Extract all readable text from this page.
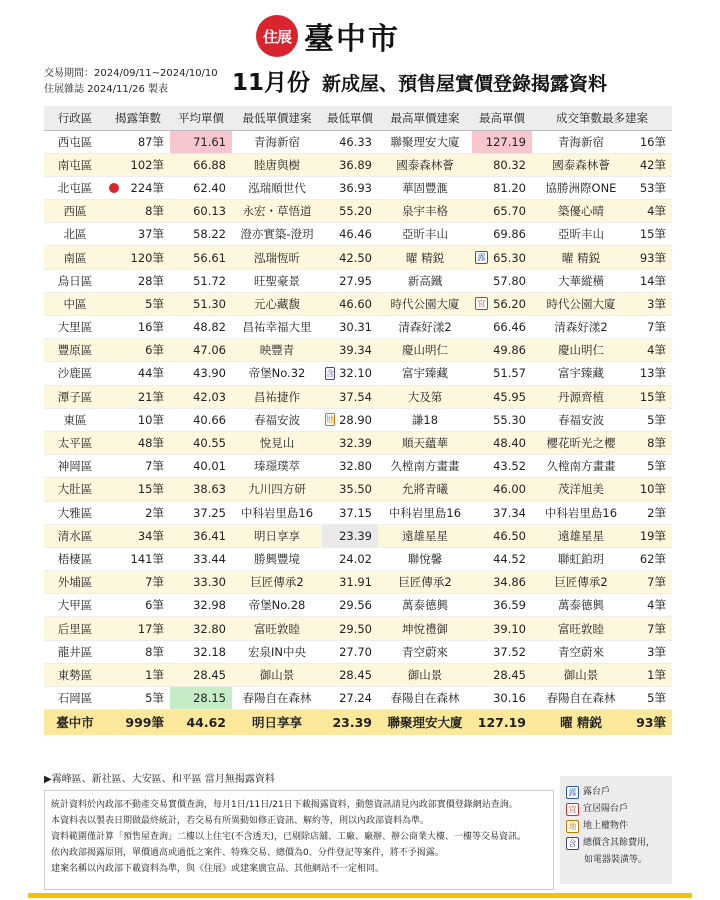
住展 臺中市
交易期間：2024/09/11~2024/10/10
住展雜誌 2024/11/26 製表	11月份 新成屋、預售屋實價登錄揭露資料
行政區	揭露筆數	平均單價	最低單價建案	最低單價	最高單價建案	最高單價	成交筆數最多建案	
西屯區	87筆	71.61	青海新宿	46.33	聯聚理安大廈	127.19	青海新宿	16筆
南屯區	102筆	66.88	睦唐與樹	36.89	國泰森林薈	80.32	國泰森林薈	42筆
北屯區	224筆	62.40	泓瑞順世代	36.93	華固豐滙	81.20	協勝洲際ONE	53筆
西區	8筆	60.13	永宏・草悟道	55.20	泉宇丰格	65.70	築優心晴	4筆
北區	37筆	58.22	澄亦實築-澄玥	46.46	亞昕丰山	69.86	亞昕丰山	15筆
南區	120筆	56.61	泓瑞恆昕	42.50	曜 精鋭	露 65.30	曜 精鋭	93筆
烏日區	28筆	51.72	旺聖豪景	27.95	新高鐵	57.80	大華縱橫	14筆
中區	5筆	51.30	元心藏馥	46.60	時代公園大廈	宜 56.20	時代公園大廈	3筆
大里區	16筆	48.82	昌祐幸福大里	30.31	清森好漾2	66.46	清森好漾2	7筆
豐原區	6筆	47.06	映豐青	39.34	慶山明仁	49.86	慶山明仁	4筆
沙鹿區	44筆	43.90	帝堡No.32	含 32.10	富宇臻藏	51.57	富宇臻藏	13筆
潭子區	21筆	42.03	昌祐捷作	37.54	大及第	45.95	丹源齊植	15筆
東區	10筆	40.66	春福安波	地 28.90	謙18	55.30	春福安波	5筆
太平區	48筆	40.55	悅見山	32.39	順天蘊華	48.40	櫻花昕光之櫻	8筆
神岡區	7筆	40.01	瑧璟璞萃	32.80	久樘南方畫畫	43.52	久樘南方畫畫	5筆
大肚區	15筆	38.63	九川四方研	35.50	允將青曦	46.00	茂洋旭美	10筆
大雅區	2筆	37.25	中科岩里島16	37.15	中科岩里島16	37.34	中科岩里島16	2筆
清水區	34筆	36.41	明日享享	23.39	遠雄星星	46.50	遠雄星星	19筆
梧棲區	141筆	33.44	勝興豐境	24.02	聯悅馨	44.52	聯虹鉑玥	62筆
外埔區	7筆	33.30	巨匠傳承2	31.91	巨匠傳承2	34.86	巨匠傳承2	7筆
大甲區	6筆	32.98	帝堡No.28	29.56	萬泰德興	36.59	萬泰德興	4筆
后里區	17筆	32.80	富旺敦睦	29.50	坤悅禮御	39.10	富旺敦睦	7筆
龍井區	8筆	32.18	宏泉IN中央	27.70	青空蔚來	37.52	青空蔚來	3筆
東勢區	1筆	28.45	御山景	28.45	御山景	28.45	御山景	1筆
石岡區	5筆	28.15	春陽自在森林	27.24	春陽自在森林	30.16	春陽自在森林	5筆
臺中市	999筆	44.62	明日享享	23.39	聯聚理安大廈	127.19	曜 精鋭	93筆
▶霧峰區、新社區、大安區、和平區 當月無揭露資料
統計資料於內政部不動產交易實價查詢，每月1日/11日/21日下載揭露資料，動態資訊請見內政部實價登錄網站查詢。
本資料表以製表日期做最終統計，若交易有所異動如修正資訊、解約等，則以內政部資料為準。
資料範圍僅計算「預售屋查詢」二樓以上住宅(不含透天)，已剔除店舖、工廠、廠辦、辦公商業大樓、一樓等交易資訊。
依內政部揭露原則，單價過高或過低之案件、特殊交易、總價為0、分件登記等案件，將不予揭露。
建案名稱以內政部下載資料為準，與《住展》或建案廣宣品、其他網站不一定相同。
露 露台戶
宜 宜居陽台戶
地 地上權物件
含 總價含其餘費用，
如電器裝潢等。
